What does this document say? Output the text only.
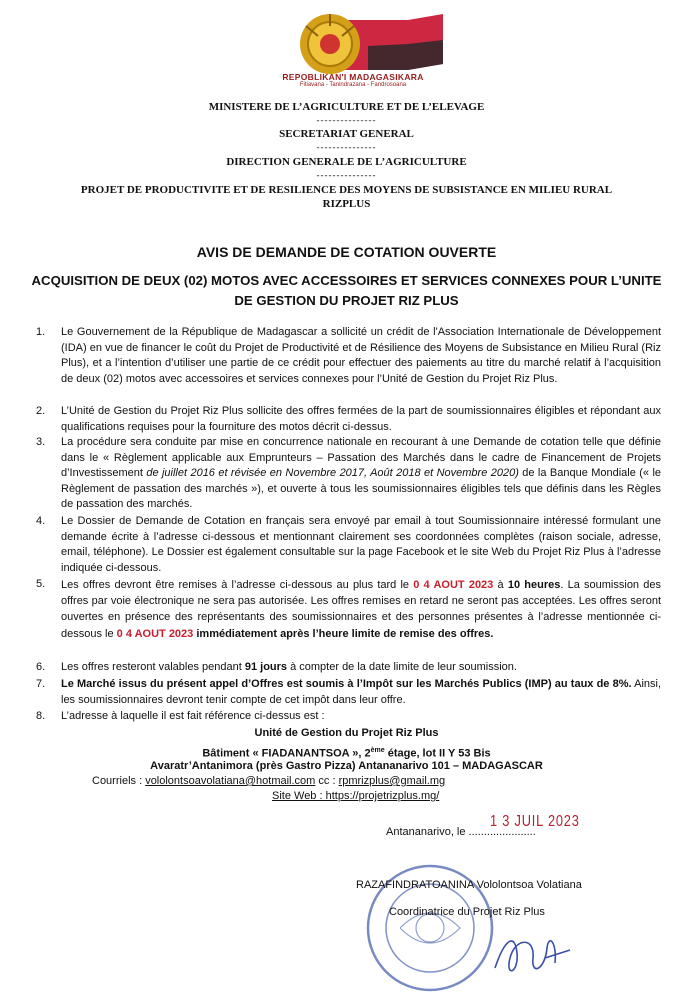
REPOBLIKAN'I MADAGASIKARA
Fitiavana - Tanindrazana - Fandrosoana
MINISTERE DE L’AGRICULTURE ET DE L’ELEVAGE
---------------
SECRETARIAT GENERAL
---------------
DIRECTION GENERALE DE L’AGRICULTURE
---------------
PROJET DE PRODUCTIVITE ET DE RESILIENCE DES MOYENS DE SUBSISTANCE EN MILIEU RURAL
RIZPLUS
AVIS DE DEMANDE DE COTATION OUVERTE
ACQUISITION DE DEUX (02) MOTOS AVEC ACCESSOIRES ET SERVICES CONNEXES POUR L’UNITE
DE GESTION DU PROJET RIZ PLUS
1.	Le Gouvernement de la République de Madagascar a sollicité un crédit de l'Association Internationale de Développement (IDA) en vue de financer le coût du Projet de Productivité et de Résilience des Moyens de Subsistance en Milieu Rural (Riz Plus), et a l’intention d’utiliser une partie de ce crédit pour effectuer des paiements au titre du marché relatif à l’acquisition de deux (02) motos avec accessoires et services connexes pour l’Unité de Gestion du Projet Riz Plus.
2.	L’Unité de Gestion du Projet Riz Plus sollicite des offres fermées de la part de soumissionnaires éligibles et répondant aux qualifications requises pour la fourniture des motos décrit ci-dessus.
3.	La procédure sera conduite par mise en concurrence nationale en recourant à une Demande de cotation telle que définie dans le « Règlement applicable aux Emprunteurs – Passation des Marchés dans le cadre de Financement de Projets d’Investissement de juillet 2016 et révisée en Novembre 2017, Août 2018 et Novembre 2020) de la Banque Mondiale (« le Règlement de passation des marchés »), et ouverte à tous les soumissionnaires éligibles tels que définis dans les Règles de passation des marchés.
4.	Le Dossier de Demande de Cotation en français sera envoyé par email à tout Soumissionnaire intéressé formulant une demande écrite à l’adresse ci-dessous et mentionnant clairement ses coordonnées complètes (raison sociale, adresse, email, téléphone). Le Dossier est également consultable sur la page Facebook et le site Web du Projet Riz Plus à l’adresse indiquée ci-dessous.
5.	Les offres devront être remises à l’adresse ci-dessous au plus tard le 0 4 AOUT 2023 à 10 heures. La soumission des offres par voie électronique ne sera pas autorisée. Les offres remises en retard ne seront pas acceptées. Les offres seront ouvertes en présence des représentants des soumissionnaires et des personnes présentes à l’adresse mentionnée ci-dessous le 0 4 AOUT 2023 immédiatement après l’heure limite de remise des offres.
6.	Les offres resteront valables pendant 91 jours à compter de la date limite de leur soumission.
7.	Le Marché issus du présent appel d’Offres est soumis à l’Impôt sur les Marchés Publics (IMP) au taux de 8%. Ainsi, les soumissionnaires devront tenir compte de cet impôt dans leur offre.
8.	L’adresse à laquelle il est fait référence ci-dessus est :
Unité de Gestion du Projet Riz Plus
Bâtiment « FIADANANTSOA », 2ème étage, lot II Y 53 Bis
Avaratr’Antanimora (près Gastro Pizza) Antananarivo 101 – MADAGASCAR
Courriels : vololontsoavolatiana@hotmail.com cc : rpmrizplus@gmail.mg
Site Web : https://projetrizplus.mg/
1 3 JUIL 2023
Antananarivo, le ......................
RAZAFINDRATOANINA Vololontsoa Volatiana
Coordinatrice du Projet Riz Plus
